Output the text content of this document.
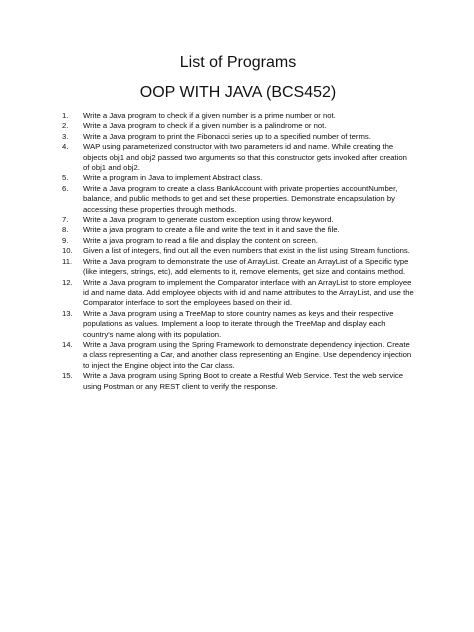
List of Programs
OOP WITH JAVA (BCS452)
1.	Write a Java program to check if a given number is a prime number or not.
2.	Write a Java program to check if a given number is a palindrome or not.
3.	Write a Java program to print the Fibonacci series up to a specified number of terms.
4.	WAP using parameterized constructor with two parameters id and name. While creating the objects obj1 and obj2 passed two arguments so that this constructor gets invoked after creation of obj1 and obj2.
5.	Write a program in Java to implement Abstract class.
6.	Write a Java program to create a class BankAccount with private properties accountNumber, balance, and public methods to get and set these properties. Demonstrate encapsulation by accessing these properties through methods.
7.	Write a Java program to generate custom exception using throw keyword.
8.	Write a java program to create a file and write the text in it and save the file.
9.	Write a java program to read a file and display the content on screen.
10.	Given a list of integers, find out all the even numbers that exist in the list using Stream functions.
11.	Write a Java program to demonstrate the use of ArrayList. Create an ArrayList of a Specific type (like integers, strings, etc), add elements to it, remove elements, get size and contains method.
12.	Write a Java program to implement the Comparator interface with an ArrayList to store employee id and name data. Add employee objects with id and name attributes to the ArrayList, and use the Comparator interface to sort the employees based on their id.
13.	Write a Java program using a TreeMap to store country names as keys and their respective populations as values. Implement a loop to iterate through the TreeMap and display each country's name along with its population.
14.	Write a Java program using the Spring Framework to demonstrate dependency injection. Create a class representing a Car, and another class representing an Engine. Use dependency injection to inject the Engine object into the Car class.
15.	Write a Java program using Spring Boot to create a Restful Web Service. Test the web service using Postman or any REST client to verify the response.
